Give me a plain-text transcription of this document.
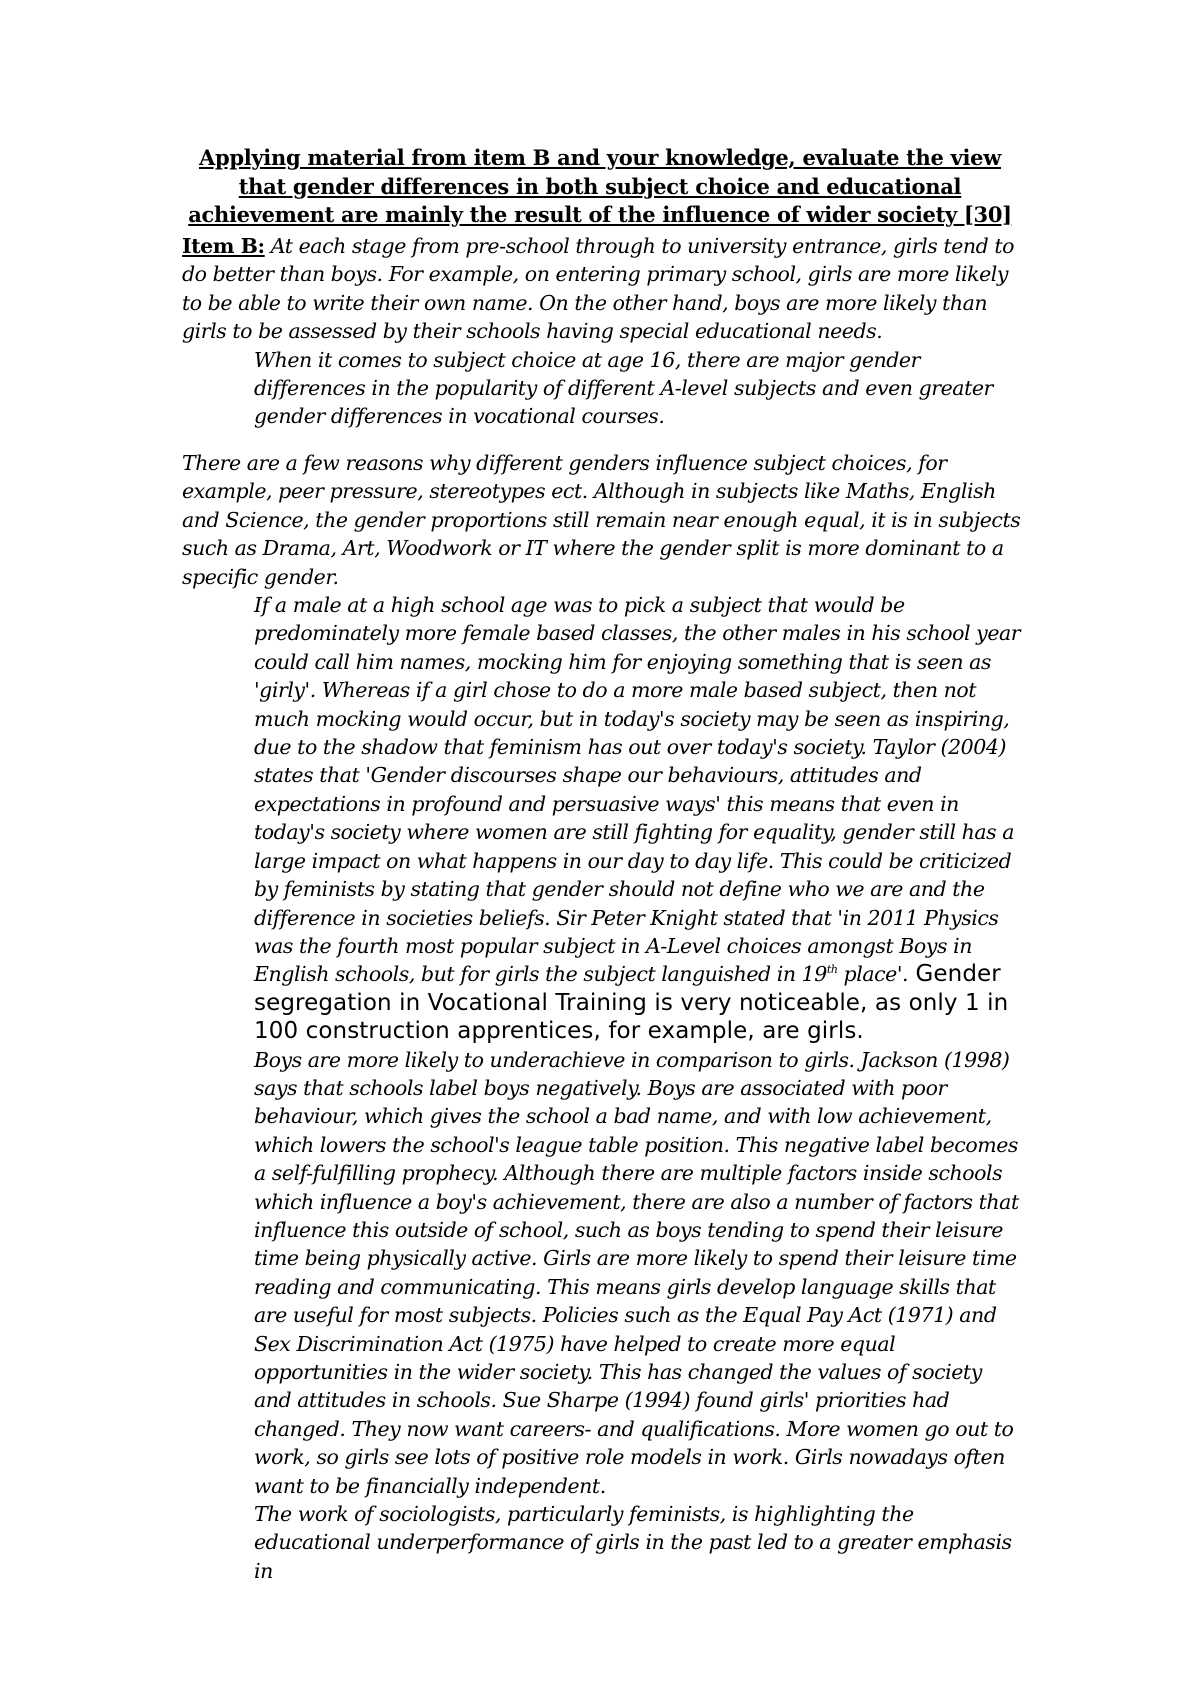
Applying material from item B and your knowledge, evaluate the view that gender differences in both subject choice and educational achievement are mainly the result of the influence of wider society [30]
Item B: At each stage from pre-school through to university entrance, girls tend to do better than boys. For example, on entering primary school, girls are more likely to be able to write their own name. On the other hand, boys are more likely than girls to be assessed by their schools having special educational needs.
When it comes to subject choice at age 16, there are major gender differences in the popularity of different A-level subjects and even greater gender differences in vocational courses.
There are a few reasons why different genders influence subject choices, for example, peer pressure, stereotypes ect. Although in subjects like Maths, English and Science, the gender proportions still remain near enough equal, it is in subjects such as Drama, Art, Woodwork or IT where the gender split is more dominant to a specific gender.
If a male at a high school age was to pick a subject that would be predominately more female based classes, the other males in his school year could call him names, mocking him for enjoying something that is seen as 'girly'. Whereas if a girl chose to do a more male based subject, then not much mocking would occur, but in today's society may be seen as inspiring, due to the shadow that feminism has out over today's society. Taylor (2004) states that 'Gender discourses shape our behaviours, attitudes and expectations in profound and persuasive ways' this means that even in today's society where women are still fighting for equality, gender still has a large impact on what happens in our day to day life. This could be criticized by feminists by stating that gender should not define who we are and the difference in societies beliefs. Sir Peter Knight stated that 'in 2011 Physics was the fourth most popular subject in A-Level choices amongst Boys in English schools, but for girls the subject languished in 19th place'. Gender segregation in Vocational Training is very noticeable, as only 1 in 100 construction apprentices, for example, are girls.
Boys are more likely to underachieve in comparison to girls. Jackson (1998) says that schools label boys negatively. Boys are associated with poor behaviour, which gives the school a bad name, and with low achievement, which lowers the school's league table position. This negative label becomes a self-fulfilling prophecy. Although there are multiple factors inside schools which influence a boy's achievement, there are also a number of factors that influence this outside of school, such as boys tending to spend their leisure time being physically active. Girls are more likely to spend their leisure time reading and communicating. This means girls develop language skills that are useful for most subjects. Policies such as the Equal Pay Act (1971) and Sex Discrimination Act (1975) have helped to create more equal opportunities in the wider society. This has changed the values of society and attitudes in schools. Sue Sharpe (1994) found girls' priorities had changed. They now want careers- and qualifications. More women go out to work, so girls see lots of positive role models in work. Girls nowadays often want to be financially independent.
The work of sociologists, particularly feminists, is highlighting the educational underperformance of girls in the past led to a greater emphasis in
